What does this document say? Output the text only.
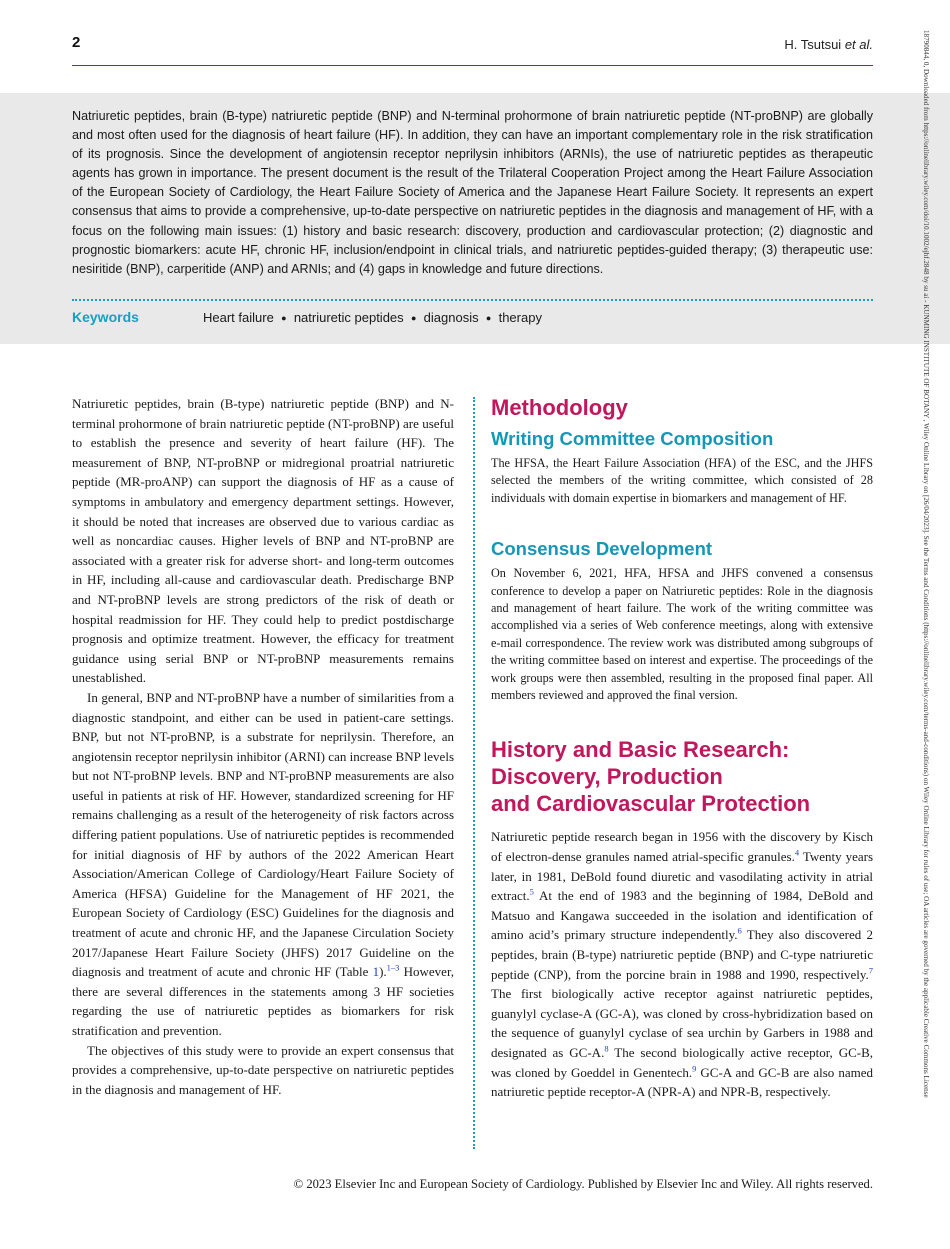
2	H. Tsutsui et al.

Natriuretic peptides, brain (B-type) natriuretic peptide (BNP) and N-terminal prohormone of brain natriuretic peptide (NT-proBNP) are globally and most often used for the diagnosis of heart failure (HF). In addition, they can have an important complementary role in the risk stratification of its prognosis. Since the development of angiotensin receptor neprilysin inhibitors (ARNIs), the use of natriuretic peptides as therapeutic agents has grown in importance. The present document is the result of the Trilateral Cooperation Project among the Heart Failure Association of the European Society of Cardiology, the Heart Failure Society of America and the Japanese Heart Failure Society. It represents an expert consensus that aims to provide a comprehensive, up-to-date perspective on natriuretic peptides in the diagnosis and management of HF, with a focus on the following main issues: (1) history and basic research: discovery, production and cardiovascular protection; (2) diagnostic and prognostic biomarkers: acute HF, chronic HF, inclusion/endpoint in clinical trials, and natriuretic peptides-guided therapy; (3) therapeutic use: nesiritide (BNP), carperitide (ANP) and ARNIs; and (4) gaps in knowledge and future directions.

Keywords	Heart failure ● natriuretic peptides ● diagnosis ● therapy

Natriuretic peptides, brain (B-type) natriuretic peptide (BNP) and N-terminal prohormone of brain natriuretic peptide (NT-proBNP) are useful to establish the presence and severity of heart failure (HF). The measurement of BNP, NT-proBNP or midregional proatrial natriuretic peptide (MR-proANP) can support the diagnosis of HF as a cause of symptoms in ambulatory and emergency department settings. However, it should be noted that increases are observed due to various cardiac as well as noncardiac causes. Higher levels of BNP and NT-proBNP are associated with a greater risk for adverse short- and long-term outcomes in HF, including all-cause and cardiovascular death. Predischarge BNP and NT-proBNP levels are strong predictors of the risk of death or hospital readmission for HF. They could help to predict postdischarge prognosis and optimize treatment. However, the efficacy for treatment guidance using serial BNP or NT-proBNP measurements remains unestablished.

In general, BNP and NT-proBNP have a number of similarities from a diagnostic standpoint, and either can be used in patient-care settings. BNP, but not NT-proBNP, is a substrate for neprilysin. Therefore, an angiotensin receptor neprilysin inhibitor (ARNI) can increase BNP levels but not NT-proBNP levels. BNP and NT-proBNP measurements are also useful in patients at risk of HF. However, standardized screening for HF remains challenging as a result of the heterogeneity of risk factors across differing patient populations. Use of natriuretic peptides is recommended for initial diagnosis of HF by authors of the 2022 American Heart Association/American College of Cardiology/Heart Failure Society of America (HFSA) Guideline for the Management of HF 2021, the European Society of Cardiology (ESC) Guidelines for the diagnosis and treatment of acute and chronic HF, and the Japanese Circulation Society 2017/Japanese Heart Failure Society (JHFS) 2017 Guideline on the diagnosis and treatment of acute and chronic HF (Table 1).$^{1-3}$ However, there are several differences in the statements among 3 HF societies regarding the use of natriuretic peptides as biomarkers for risk stratification and prevention.

The objectives of this study were to provide an expert consensus that provides a comprehensive, up-to-date perspective on natriuretic peptides in the diagnosis and management of HF.

Methodology
Writing Committee Composition

The HFSA, the Heart Failure Association (HFA) of the ESC, and the JHFS selected the members of the writing committee, which consisted of 28 individuals with domain expertise in biomarkers and management of HF.

Consensus Development

On November 6, 2021, HFA, HFSA and JHFS convened a consensus conference to develop a paper on Natriuretic peptides: Role in the diagnosis and management of heart failure. The work of the writing committee was accomplished via a series of Web conference meetings, along with extensive e-mail correspondence. The review work was distributed among subgroups of the writing committee based on interest and expertise. The proceedings of the work groups were then assembled, resulting in the proposed final paper. All members reviewed and approved the final version.

History and Basic Research:
Discovery, Production
and Cardiovascular Protection

Natriuretic peptide research began in 1956 with the discovery by Kisch of electron-dense granules named atrial-specific granules.$^4$ Twenty years later, in 1981, DeBold found diuretic and vasodilating activity in atrial extract.$^5$ At the end of 1983 and the beginning of 1984, DeBold and Matsuo and Kangawa succeeded in the isolation and identification of amino acid’s primary structure independently.$^6$ They also discovered 2 peptides, brain (B-type) natriuretic peptide (BNP) and C-type natriuretic peptide (CNP), from the porcine brain in 1988 and 1990, respectively.$^7$ The first biologically active receptor against natriuretic peptides, guanylyl cyclase-A (GC-A), was cloned by cross-hybridization based on the sequence of guanylyl cyclase of sea urchin by Garbers in 1988 and designated as GC-A.$^8$ The second biologically active receptor, GC-B, was cloned by Goeddel in Genentech.$^9$ GC-A and GC-B are also named natriuretic peptide receptor-A (NPR-A) and NPR-B, respectively.

© 2023 Elsevier Inc and European Society of Cardiology. Published by Elsevier Inc and Wiley. All rights reserved.
18790844, 0, Downloaded from https://onlinelibrary.wiley.com/doi/10.1002/ejhf.2848 by su ai - KUNMING INSTITUTE OF BOTANY , Wiley Online Library on [26/04/2023]. See the Terms and Conditions (https://onlinelibrary.wiley.com/terms-and-conditions) on Wiley Online Library for rules of use; OA articles are governed by the applicable Creative Commons License
